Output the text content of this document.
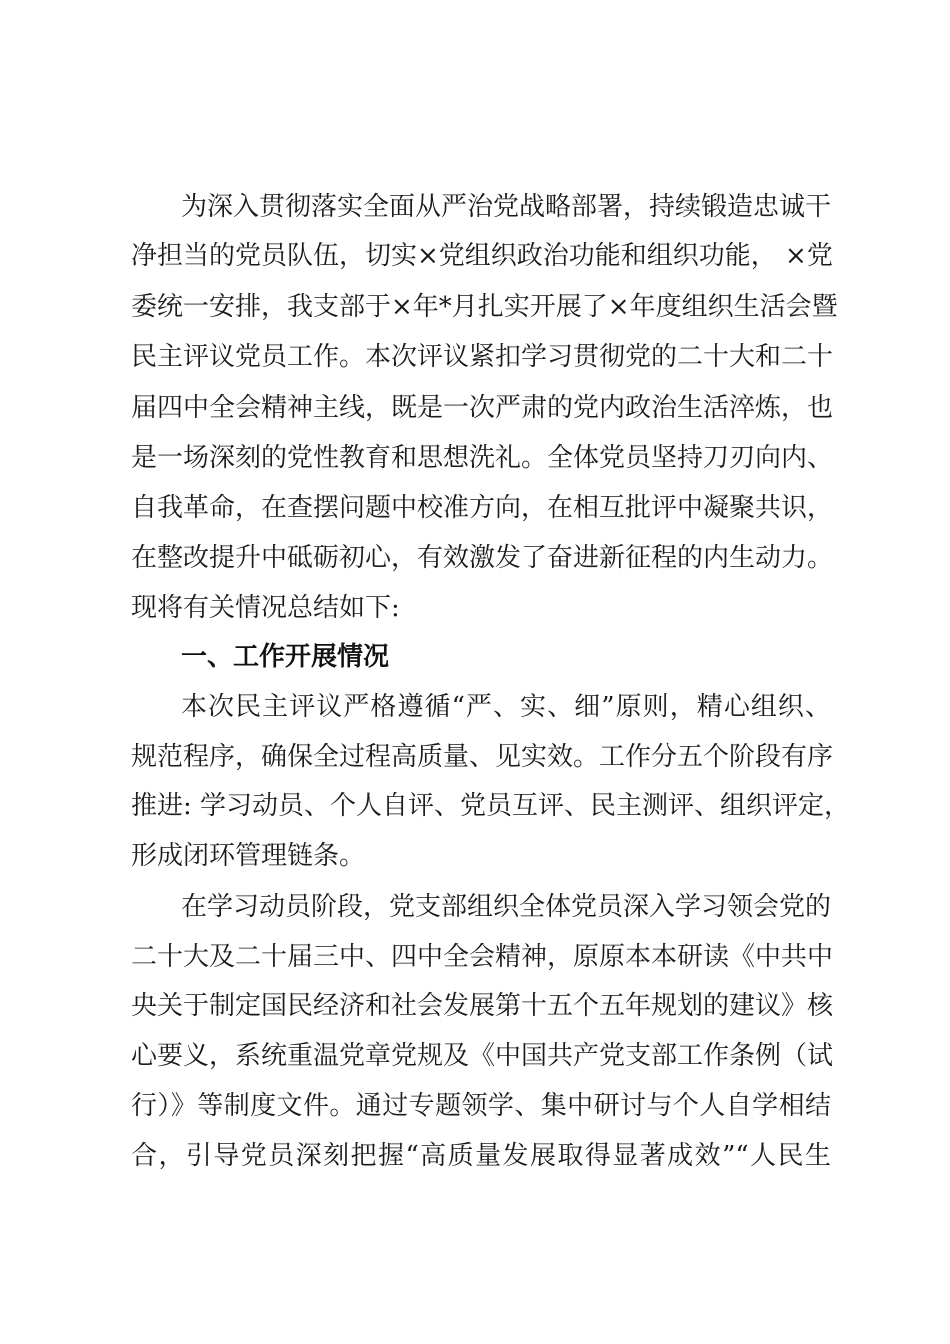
为深入贯彻落实全面从严治党战略部署，持续锻造忠诚干
净担当的党员队伍，切实×党组织政治功能和组织功能， ×党
委统一安排，我支部于×年*月扎实开展了×年度组织生活会暨
民主评议党员工作。本次评议紧扣学习贯彻党的二十大和二十
届四中全会精神主线，既是一次严肃的党内政治生活淬炼，也
是一场深刻的党性教育和思想洗礼。全体党员坚持刀刃向内、
自我革命，在查摆问题中校准方向，在相互批评中凝聚共识，
在整改提升中砥砺初心，有效激发了奋进新征程的内生动力。
现将有关情况总结如下:
一、工作开展情况
本次民主评议严格遵循“严、实、细”原则，精心组织、
规范程序，确保全过程高质量、见实效。工作分五个阶段有序
推进: 学习动员、个人自评、党员互评、民主测评、组织评定，
形成闭环管理链条。
在学习动员阶段，党支部组织全体党员深入学习领会党的
二十大及二十届三中、四中全会精神，原原本本研读《中共中
央关于制定国民经济和社会发展第十五个五年规划的建议》核
心要义，系统重温党章党规及《中国共产党支部工作条例（试
行）》等制度文件。通过专题领学、集中研讨与个人自学相结
合，引导党员深刻把握“高质量发展取得显著成效”“人民生
